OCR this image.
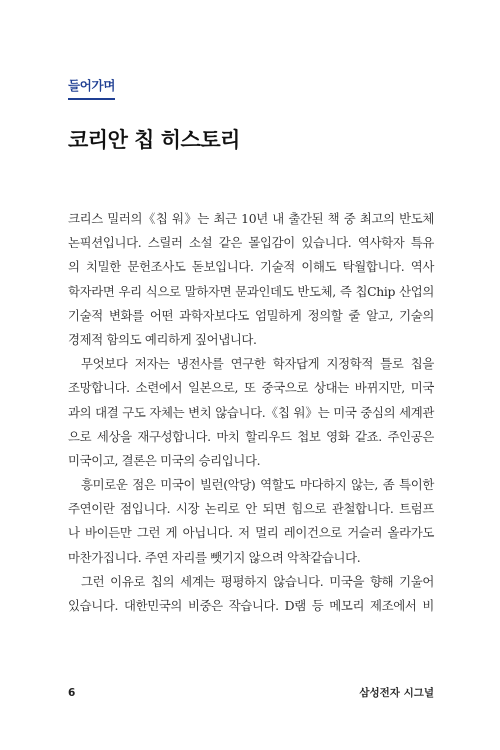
들어가며
코리안 칩 히스토리
크리스 밀러의《칩 워》는 최근 10년 내 출간된 책 중 최고의 반도체
논픽션입니다. 스릴러 소설 같은 몰입감이 있습니다. 역사학자 특유
의 치밀한 문헌조사도 돋보입니다. 기술적 이해도 탁월합니다. 역사
학자라면 우리 식으로 말하자면 문과인데도 반도체, 즉 칩Chip 산업의
기술적 변화를 어떤 과학자보다도 엄밀하게 정의할 줄 알고, 기술의
경제적 함의도 예리하게 짚어냅니다.
무엇보다 저자는 냉전사를 연구한 학자답게 지정학적 틀로 칩을
조망합니다. 소련에서 일본으로, 또 중국으로 상대는 바뀌지만, 미국
과의 대결 구도 자체는 변치 않습니다.《칩 워》는 미국 중심의 세계관
으로 세상을 재구성합니다. 마치 할리우드 첩보 영화 같죠. 주인공은
미국이고, 결론은 미국의 승리입니다.
흥미로운 점은 미국이 빌런(악당) 역할도 마다하지 않는, 좀 특이한
주연이란 점입니다. 시장 논리로 안 되면 힘으로 관철합니다. 트럼프
나 바이든만 그런 게 아닙니다. 저 멀리 레이건으로 거슬러 올라가도
마찬가집니다. 주연 자리를 뺏기지 않으려 악착같습니다.
그런 이유로 칩의 세계는 평평하지 않습니다. 미국을 향해 기울어
있습니다. 대한민국의 비중은 작습니다. D램 등 메모리 제조에서 비
6	삼성전자 시그널
